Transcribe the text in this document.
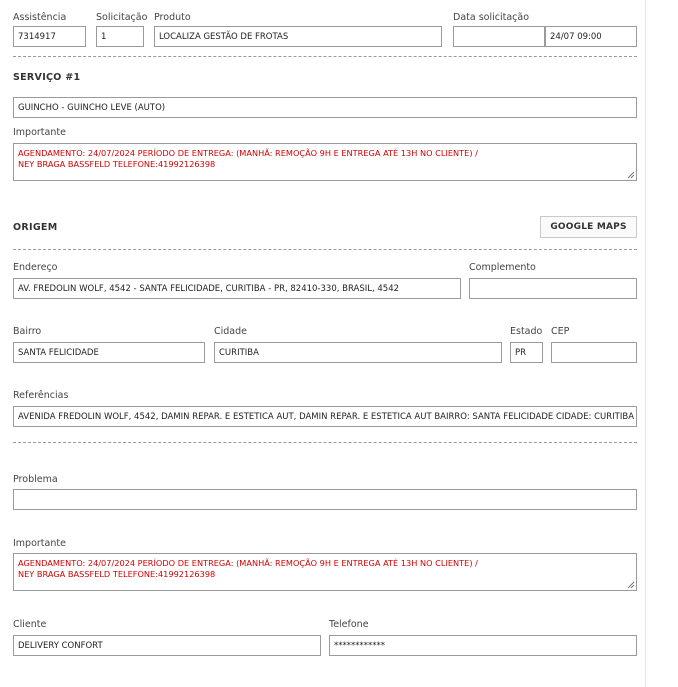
Assistência
7314917
Solicitação
1
Produto
LOCALIZA GESTÃO DE FROTAS
Data solicitação
24/07 09:00
SERVIÇO #1
GUINCHO - GUINCHO LEVE (AUTO)
Importante
AGENDAMENTO: 24/07/2024 PERÍODO DE ENTREGA: (MANHÃ: REMOÇÃO 9H E ENTREGA ATÉ 13H NO CLIENTE) / NEY BRAGA BASSFELD TELEFONE:41992126398
ORIGEM	GOOGLE MAPS
Endereço
AV. FREDOLIN WOLF, 4542 - SANTA FELICIDADE, CURITIBA - PR, 82410-330, BRASIL, 4542
Complemento
Bairro
SANTA FELICIDADE
Cidade
CURITIBA
Estado
PR
CEP
Referências
AVENIDA FREDOLIN WOLF, 4542, DAMIN REPAR. E ESTETICA AUT, DAMIN REPAR. E ESTETICA AUT BAIRRO: SANTA FELICIDADE CIDADE: CURITIBA
Problema
Importante
AGENDAMENTO: 24/07/2024 PERÍODO DE ENTREGA: (MANHÃ: REMOÇÃO 9H E ENTREGA ATÉ 13H NO CLIENTE) / NEY BRAGA BASSFELD TELEFONE:41992126398
Cliente
DELIVERY CONFORT
Telefone
************
